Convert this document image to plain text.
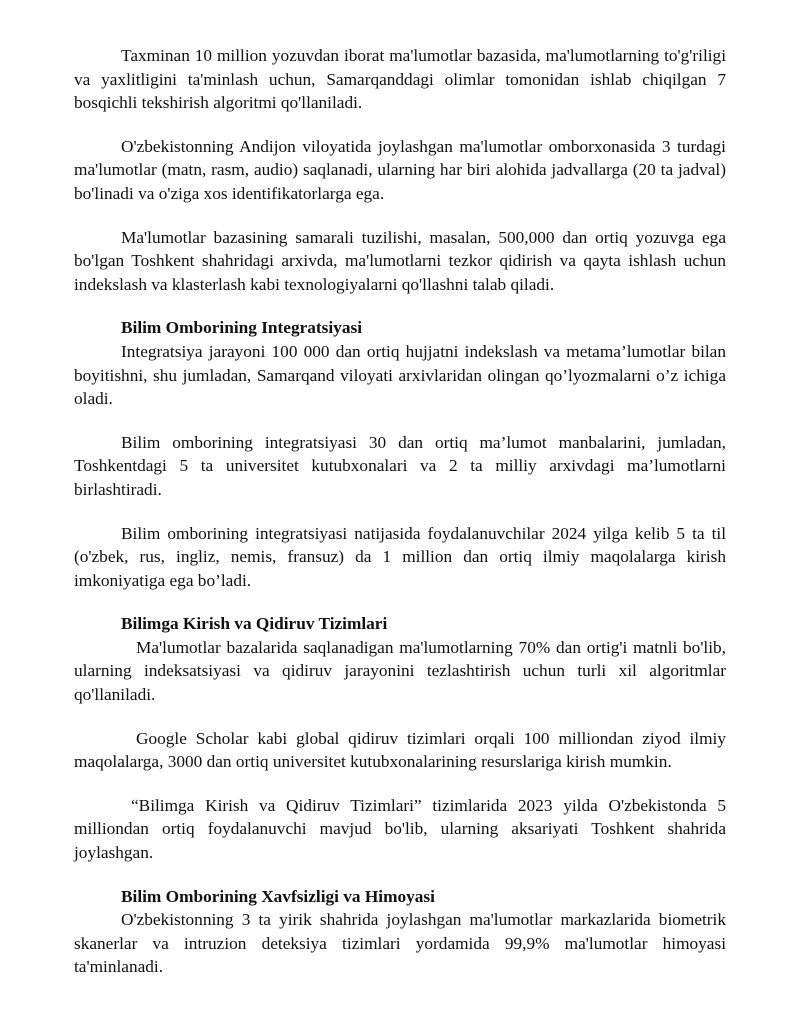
Taxminan 10 million yozuvdan iborat ma'lumotlar bazasida, ma'lumotlarning to'g'riligi va yaxlitligini ta'minlash uchun, Samarqanddagi olimlar tomonidan ishlab chiqilgan 7 bosqichli tekshirish algoritmi qo'llaniladi.

O'zbekistonning Andijon viloyatida joylashgan ma'lumotlar omborxonasida 3 turdagi ma'lumotlar (matn, rasm, audio) saqlanadi, ularning har biri alohida jadvallarga (20 ta jadval) bo'linadi va o'ziga xos identifikatorlarga ega.

Ma'lumotlar bazasining samarali tuzilishi, masalan, 500,000 dan ortiq yozuvga ega bo'lgan Toshkent shahridagi arxivda, ma'lumotlarni tezkor qidirish va qayta ishlash uchun indekslash va klasterlash kabi texnologiyalarni qo'llashni talab qiladi.

Bilim Omborining Integratsiyasi

Integratsiya jarayoni 100 000 dan ortiq hujjatni indekslash va metama’lumotlar bilan boyitishni, shu jumladan, Samarqand viloyati arxivlaridan olingan qo’lyozmalarni o’z ichiga oladi.

Bilim omborining integratsiyasi 30 dan ortiq ma’lumot manbalarini, jumladan, Toshkentdagi 5 ta universitet kutubxonalari va 2 ta milliy arxivdagi ma’lumotlarni birlashtiradi.

Bilim omborining integratsiyasi natijasida foydalanuvchilar 2024 yilga kelib 5 ta til (o'zbek, rus, ingliz, nemis, fransuz) da 1 million dan ortiq ilmiy maqolalarga kirish imkoniyatiga ega bo’ladi.

Bilimga Kirish va Qidiruv Tizimlari

Ma'lumotlar bazalarida saqlanadigan ma'lumotlarning 70% dan ortig'i matnli bo'lib, ularning indeksatsiyasi va qidiruv jarayonini tezlashtirish uchun turli xil algoritmlar qo'llaniladi.

Google Scholar kabi global qidiruv tizimlari orqali 100 milliondan ziyod ilmiy maqolalarga, 3000 dan ortiq universitet kutubxonalarining resurslariga kirish mumkin.

“Bilimga Kirish va Qidiruv Tizimlari” tizimlarida 2023 yilda O'zbekistonda 5 milliondan ortiq foydalanuvchi mavjud bo'lib, ularning aksariyati Toshkent shahrida joylashgan.

Bilim Omborining Xavfsizligi va Himoyasi

O'zbekistonning 3 ta yirik shahrida joylashgan ma'lumotlar markazlarida biometrik skanerlar va intruzion deteksiya tizimlari yordamida 99,9% ma'lumotlar himoyasi ta'minlanadi.
